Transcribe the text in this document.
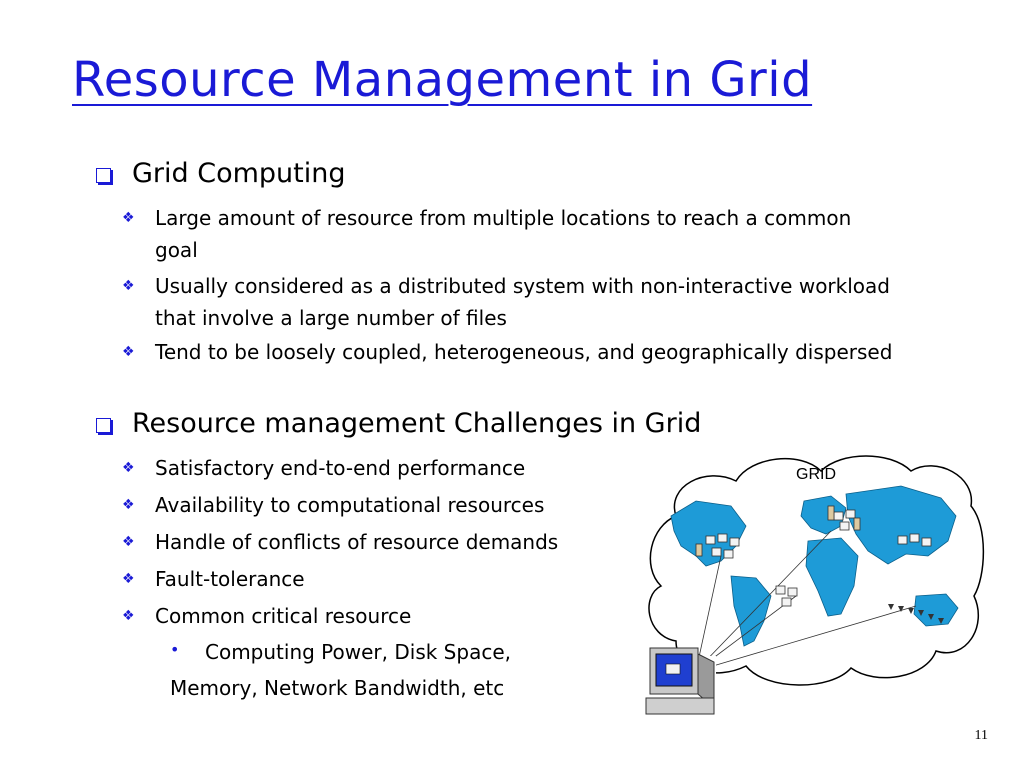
Resource Management in Grid
Grid Computing
❖ Large amount of resource from multiple locations to reach a common goal
❖ Usually considered as a distributed system with non-interactive workload that involve a large number of files
❖ Tend to be loosely coupled, heterogeneous, and geographically dispersed
Resource management Challenges in Grid
❖ Satisfactory end-to-end performance
❖ Availability to computational resources
❖ Handle of conflicts of resource demands
❖ Fault-tolerance
❖ Common critical resource
• Computing Power, Disk Space,
Memory, Network Bandwidth, etc
GRID
11
